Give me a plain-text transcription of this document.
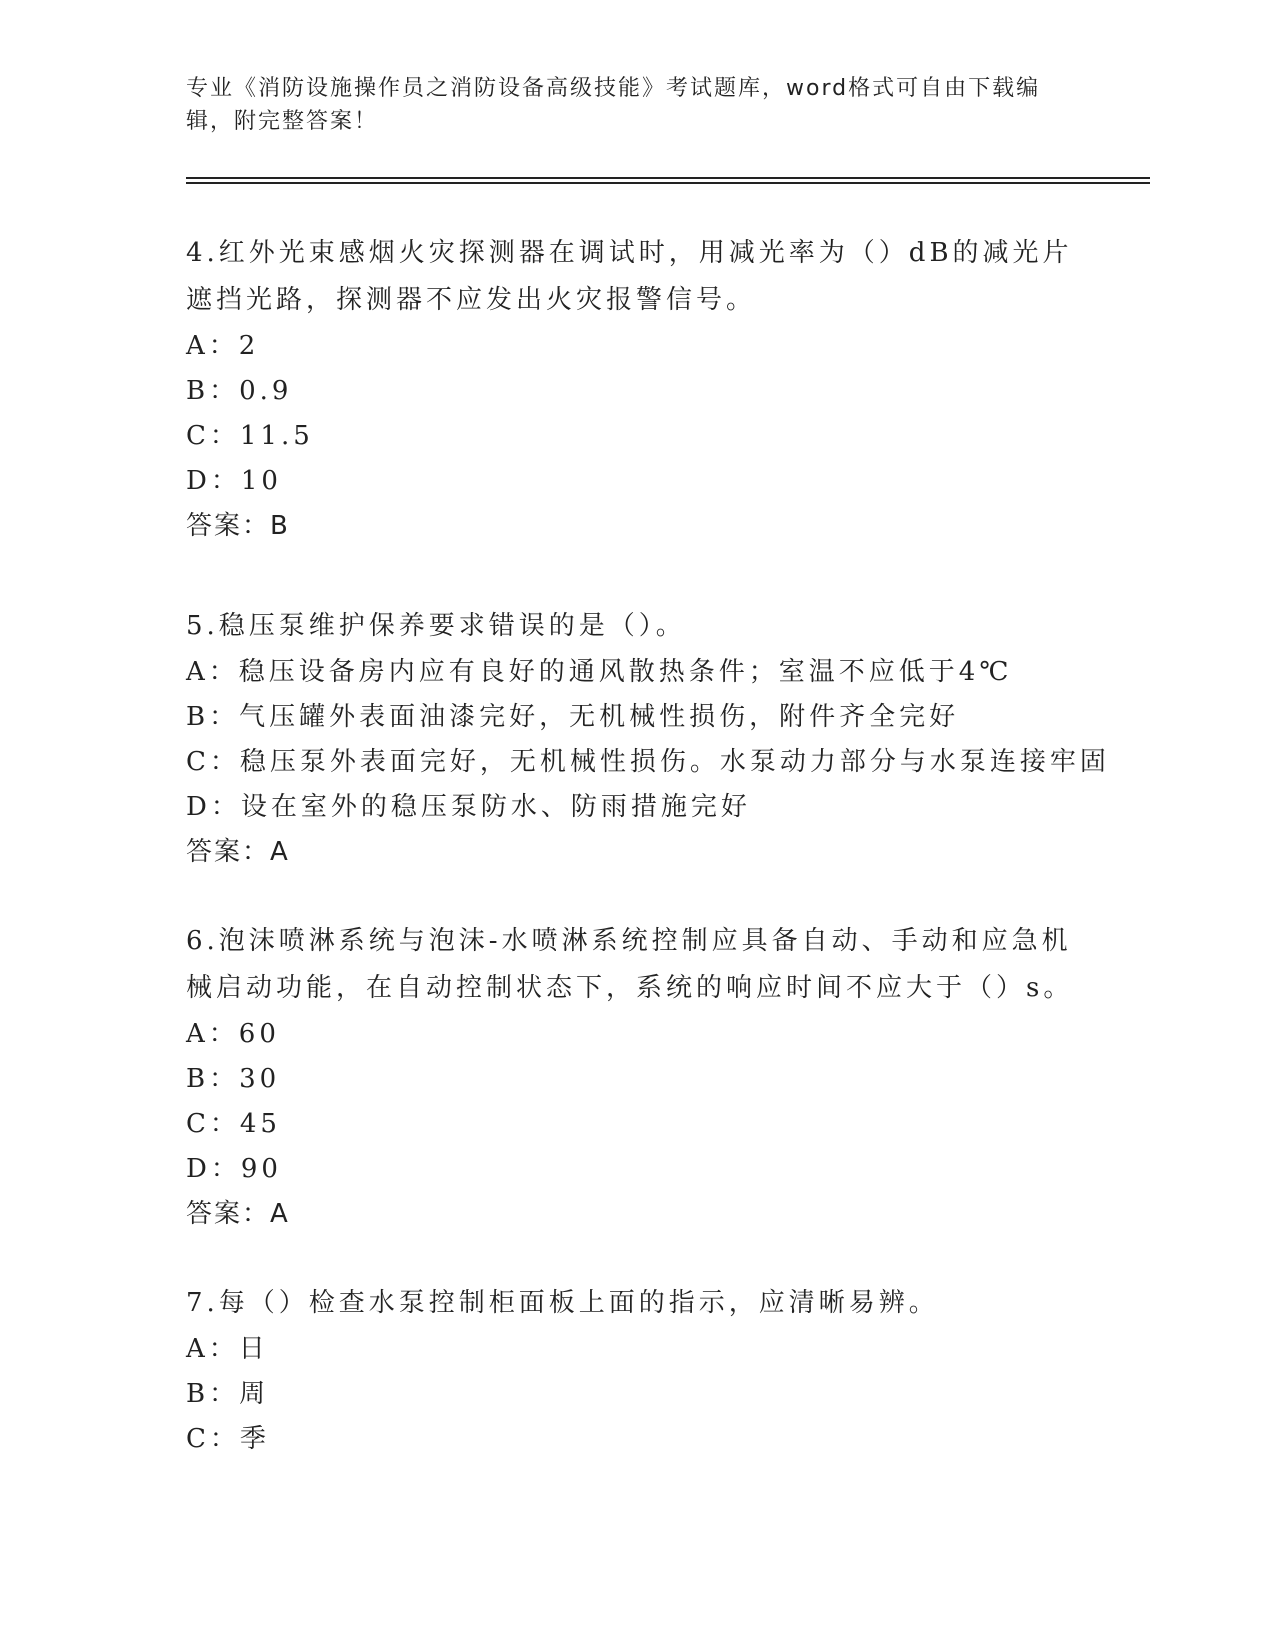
专业《消防设施操作员之消防设备高级技能》考试题库，word格式可自由下载编辑，附完整答案！
4.红外光束感烟火灾探测器在调试时，用减光率为（）dB的减光片遮挡光路，探测器不应发出火灾报警信号。
A：2
B：0.9
C：11.5
D：10
答案：B
5.稳压泵维护保养要求错误的是（）。
A：稳压设备房内应有良好的通风散热条件；室温不应低于4℃
B：气压罐外表面油漆完好，无机械性损伤，附件齐全完好
C：稳压泵外表面完好，无机械性损伤。水泵动力部分与水泵连接牢固
D：设在室外的稳压泵防水、防雨措施完好
答案：A
6.泡沫喷淋系统与泡沫-水喷淋系统控制应具备自动、手动和应急机械启动功能，在自动控制状态下，系统的响应时间不应大于（）s。
A：60
B：30
C：45
D：90
答案：A
7.每（）检查水泵控制柜面板上面的指示，应清晰易辨。
A：日
B：周
C：季
